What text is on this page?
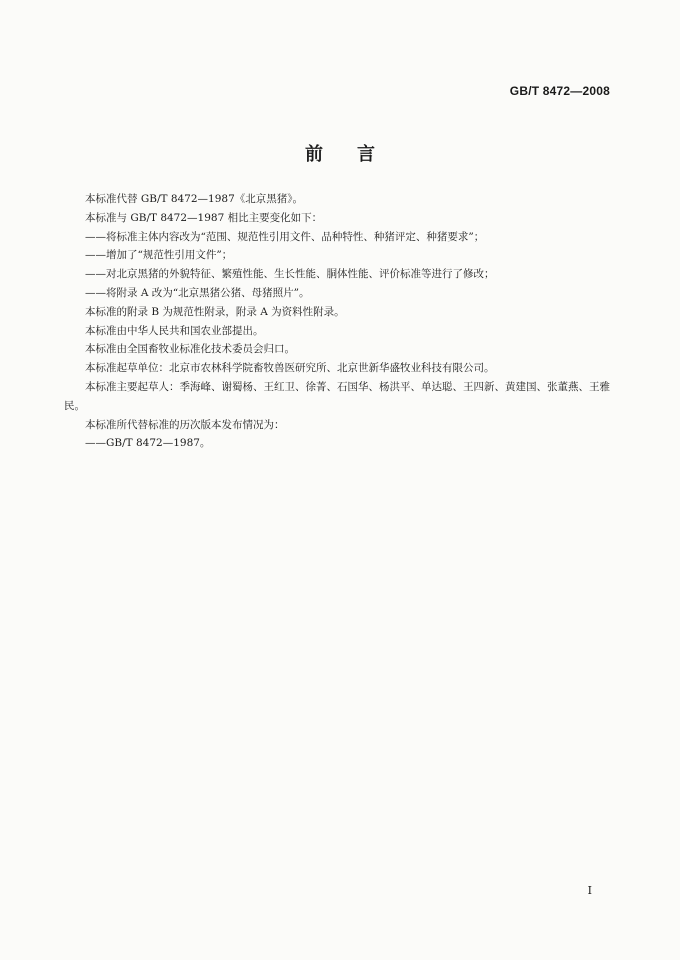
GB/T 8472—2008
前言

本标准代替 GB/T 8472—1987《北京黑猪》。

本标准与 GB/T 8472—1987 相比主要变化如下：

——将标准主体内容改为“范围、规范性引用文件、品种特性、种猪评定、种猪要求”；

——增加了“规范性引用文件”；

——对北京黑猪的外貌特征、繁殖性能、生长性能、胴体性能、评价标准等进行了修改；

——将附录 A 改为“北京黑猪公猪、母猪照片”。

本标准的附录 B 为规范性附录，附录 A 为资料性附录。

本标准由中华人民共和国农业部提出。

本标准由全国畜牧业标准化技术委员会归口。

本标准起草单位：北京市农林科学院畜牧兽医研究所、北京世新华盛牧业科技有限公司。

本标准主要起草人：季海峰、谢蜀杨、王红卫、徐菁、石国华、杨洪平、单达聪、王四新、黄建国、张董燕、王雅民。

本标准所代替标准的历次版本发布情况为：

——GB/T 8472—1987。

I
